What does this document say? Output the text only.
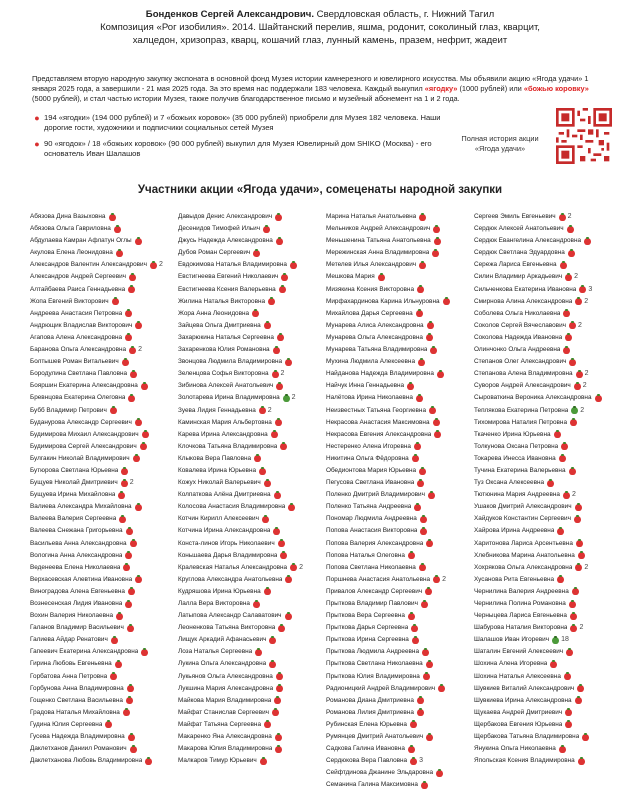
Бонденков Сергей Александрович. Свердловская область, г. Нижний Тагил
Композиция «Рог изобилия». 2014. Шайтанский перелив, яшма, родонит, соколиный глаз, кварцит,
халцедон, хризопраз, кварц, кошачий глаз, лунный камень, празем, нефрит, жадеит
Представляем вторую народную закупку экспоната в основной фонд Музея истории камнерезного и ювелирного искусства. Мы объявили акцию «Ягода удачи» 1 января 2025 года, а завершили - 21 мая 2025 года. За это время нас поддержали 183 человека. Каждый выкупил «ягодку» (1000 рублей) или «божью коровку» (5000 рублей), и стал частью истории Музея, также получив благодарственное письмо и музейный абонемент на 1 и 2 года.
● 194 «ягодки» (194 000 рублей) и 7 «божьих коровок» (35 000 рублей) приобрели для Музея 182 человека. Наши дорогие гости, художники и подписчики социальных сетей Музея
● 90 «ягодок» / 18 «божьих коровок» (90 000 рублей) выкупил для Музея Ювелирный дом SHIKO (Москва) - его основатель Иван Шалашов
Полная история акции «Ягода удачи»
Участники акции «Ягода удачи», сомеценаты народной закупки
Абязова Дина Вазыховна
Абязова Ольга Гавриловна
Абдулаева Камран Афлатун Оглы
Акулова Елена Леонидовна
Александров Валентин Александрович 2
Александров Андрей Сергеевич
Алтайбаева Раиса Геннадьевна
Жопа Евгений Викторович
Андреева Анастасия Петровна
Андрющик Владислав Викторович
Агапова Алена Александровна
Баранова Ольга Александровна 2
Болтышев Роман Витальевич
Бородулина Светлана Павловна
Бояршин Екатерина Александровна
Бревнцова Екатерина Олеговна
Бубб Владимир Петрович
Буданурова Александр Сергеевич
Будимирова Михаил Александрович
Будимирова Сергей Александрович
Булгакин Николай Владимирович
Бутюрова Светлана Юрьевна
Бущуев Николай Дмитриевич 2
Бущуева Ирина Михайловна
Валиева Александра Михайловна
Валеева Валерия Сергеевна
Валеева Снежана Григорьевна
Васильева Анна Александровна
Вологина Анна Александровна
Веденеева Елена Николаевна
Верхасевская Алевтина Ивановна
Виноградова Алена Евгеньевна
Вознесенская Лидия Ивановна
Вохин Валерия Николаевна
Галанов Владимир Васильевич
Галиева Айдар Ренатович
Гапеевич Екатерина Александровна
Гирина Любовь Евгеньевна
Горбатова Анна Петровна
Горбунова Анна Владимировна
Гощенко Светлана Васильевна
Градова Наталья Михайловна
Гудина Юлия Сергеевна
Гусева Надежда Владимировна
Даклетханов Даниил Романович
Даклетханова Любовь Владимировна
Давыдов Денис Александрович
Десенидов Тимофей Ильич
Джусь Надежда Александровна
Дубов Роман Сергеевич
Евдокимова Наталья Владимировна
Евстигнеева Евгений Николаевич
Евстигнеева Ксения Валерьевна
Жилина Наталья Викторовна
Жора Анна Леонидовна
Зайцева Ольга Дмитриевна
Захарюкина Наталья Сергеевна
Захаренкова Юлия Романовна
Звонцова Людмила Владимировна
Зеленцова Софья Викторовна 2
Зибинова Алексей Анатольевич
Золотарева Ирина Владимировна 2
Зуева Лидия Геннадьевна 2
Каминская Мария Альбертовна
Карева Ирина Александровна
Клочкова Татьяна Владимировна
Клыкова Вера Павловна
Ковалева Ирина Юрьевна
Кожух Николай Валерьевич
Колпаткова Алёна Дмитриевна
Колосова Анастасия Владимировна
Котчин Кирилл Алексеевич
Котчина Ирина Александровна
Конста-линов Игорь Николаевич
Коньшаева Дарья Владимировна
Кралевская Наталья Александровна 2
Круглова Александра Анатольевна
Кудряшова Ирина Юрьевна
Лалла Вера Викторовна
Латыпова Александр Салаватович
Леоненкова Татьяна Викторовна
Лищук Аркадий Афанасьевич
Лоза Наталья Сергеевна
Лукина Ольга Александровна
Лукьянов Ольга Александровна
Лукшина Мария Александровна
Майкова Мария Владимировна
Майфат Станислав Сергеевич
Майфат Татьяна Сергеевна
Макаренко Яна Александровна
Макарова Юлия Владимировна
Малкаров Тимур Юрьевич
Марина Наталья Анатольевна
Мельников Андрей Александрович
Меньшенина Татьяна Анатольевна
Мережинская Анна Владимировна
Метелев Илья Александрович
Мешкова Мария
Мизякина Ксения Викторовна
Мирфахардинова Карина Ильнуровна
Михайлова Дарья Сергеевна
Мунарева Алиса Александровна
Мунарева Ольга Александровна
Мунарева Татьяна Владимировна
Мухина Людмила Алексеевна
Найданова Надежда Владимировна
Найчук Инна Геннадьевна
Налётова Ирина Николаевна
Неизвестных Татьяна Георгиевна
Некрасова Анастасия Максимовна
Некрасова Евгения Александровна
Нестеренко Алена Игоревна
Никитина Ольга Фёдоровна
Обедионтова Мария Юрьевна
Пегусова Светлана Ивановна
Поленко Дмитрий Владимирович
Поленко Татьяна Андреевна
Пономар Людмила Андреевна
Попова Анастасия Викторовна
Попова Валерия Александровна
Попова Наталья Олеговна
Попова Светлана Николаевна
Поршнева Анастасия Анатольевна 2
Привалов Александр Сергеевич
Прыткова Владимир Павлович
Прыткова Вера Сергеевна
Прыткова Дарья Сергеевна
Прыткова Ирина Сергеевна
Прыткова Людмила Андреевна
Прыткова Светлана Николаевна
Прыткова Юлия Владимировна
Радионицкий Андрей Владимирович
Романова Диана Дмитриевна
Романова Лилия Дмитриевна
Рубинская Елена Юрьевна
Румянцев Дмитрий Анатольевич
Садкова Галина Ивановна
Сердюкова Вера Павловна 3
Сейфтдинова Джанине Эльдаровна
Семанина Галина Максимовна
Сергеев Эмиль Евгеньевич 2
Сердюк Алексей Анатольевич
Сердюк Евангелина Александровна
Сердюк Светлана Эдуардовна
Сережа Лариса Евгеньевна
Силин Владимир Аркадьевич 2
Сильченкова Екатерина Ивановна 3
Смирнова Алина Александровна 2
Соболева Ольга Николаевна
Соколов Сергей Вячеславович 2
Соколова Надежда Ивановна
Олинчонко Ольга Андреевна
Степанов Олег Александрович
Степанова Алена Владимировна 2
Суворов Андрей Александрович 2
Сыроваткина Вероника Александровна
Теплякова Екатерина Петровна 2
Тихомирова Наталия Петровна
Ткаченко Ирина Юрьевна
Толкунова Оксана Петровна
Токарева Инесса Ивановна
Тучина Екатерина Валерьевна
Туз Оксана Алексеевна
Тютюнина Мария Андреевна 2
Ушаков Дмитрий Александрович
Хайдуков Константин Сергеевич
Хайрова Ирина Андреевна
Харитонова Лариса Арсентьевна
Хлебникова Марина Анатольевна
Хохрякова Ольга Александровна 2
Хусанова Рита Евгеньевна
Чернилина Валерия Андреевна
Чернилина Полина Романовна
Черныцева Лариса Евгеньевна
Шабурова Наталия Викторовна 2
Шалашов Иван Игоревич 18
Шаталин Евгений Алексеевич
Шохина Алена Игоревна
Шохина Наталья Алексеевна
Шувкиев Виталий Александрович
Шувкиева Ирина Александровна
Щукаева Андрей Дмитриевич
Щербакова Евгения Юрьевна
Щербакова Татьяна Владимировна
Янукина Ольга Николаевна
Япольская Ксения Владимировна
